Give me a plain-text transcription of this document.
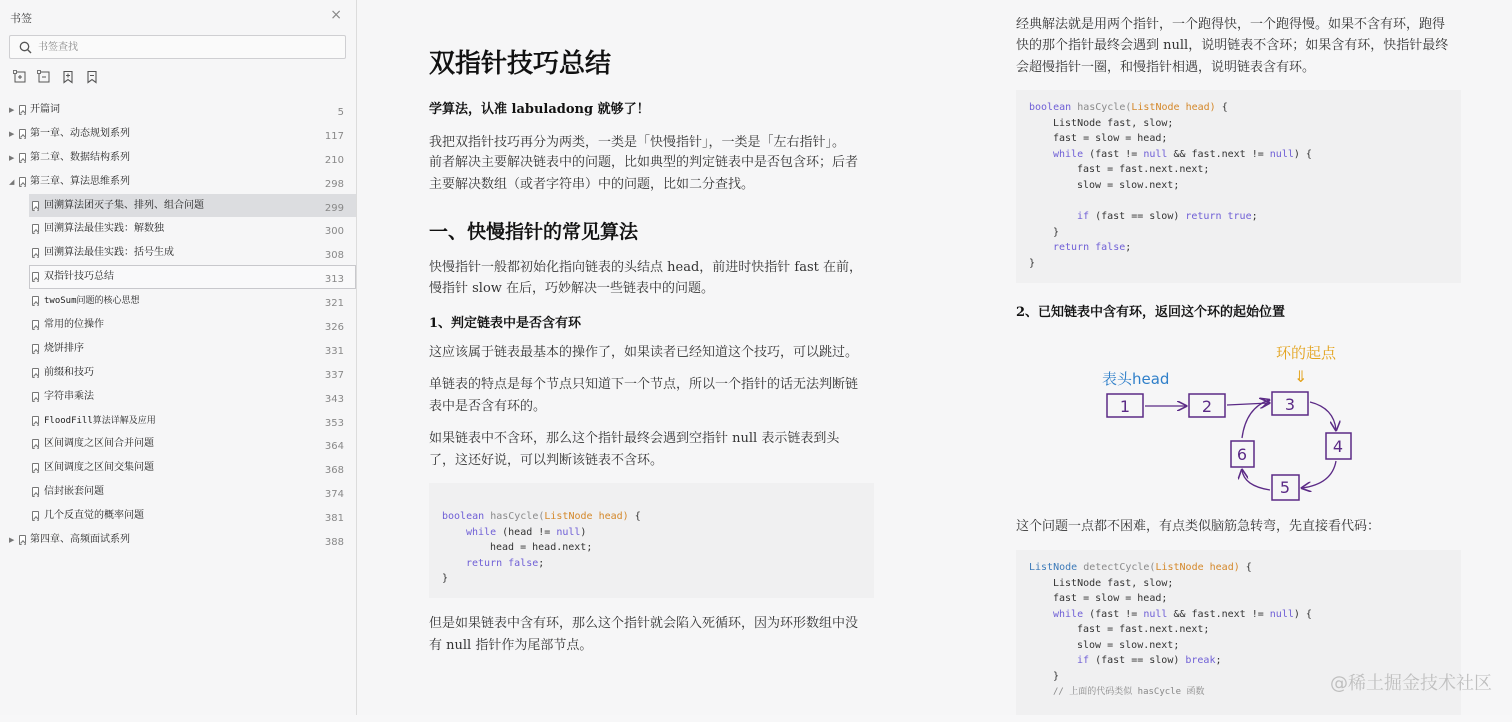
书签	×
书签查找
▶ 开篇词	5
▶ 第一章、动态规划系列	117
▶ 第二章、数据结构系列	210
◢ 第三章、算法思维系列	298
回溯算法团灭子集、排列、组合问题	299
回溯算法最佳实践：解数独	300
回溯算法最佳实践：括号生成	308
双指针技巧总结	313
twoSum问题的核心思想	321
常用的位操作	326
烧饼排序	331
前缀和技巧	337
字符串乘法	343
FloodFill算法详解及应用	353
区间调度之区间合并问题	364
区间调度之区间交集问题	368
信封嵌套问题	374
几个反直觉的概率问题	381
▶ 第四章、高频面试系列	388
双指针技巧总结
学算法，认准 labuladong 就够了！
我把双指针技巧再分为两类，一类是「快慢指针」，一类是「左右指针」。
前者解决主要解决链表中的问题，比如典型的判定链表中是否包含环；后者
主要解决数组（或者字符串）中的问题，比如二分查找。
一、快慢指针的常见算法
快慢指针一般都初始化指向链表的头结点 head，前进时快指针 fast 在前，
慢指针 slow 在后，巧妙解决一些链表中的问题。
1、判定链表中是否含有环
这应该属于链表最基本的操作了，如果读者已经知道这个技巧，可以跳过。
单链表的特点是每个节点只知道下一个节点，所以一个指针的话无法判断链
表中是否含有环的。
如果链表中不含环，那么这个指针最终会遇到空指针 null 表示链表到头
了，这还好说，可以判断该链表不含环。

boolean hasCycle(ListNode head) {

while (head != null)

head = head.next;

return false;

}

但是如果链表中含有环，那么这个指针就会陷入死循环，因为环形数组中没
有 null 指针作为尾部节点。
经典解法就是用两个指针，一个跑得快，一个跑得慢。如果不含有环，跑得
快的那个指针最终会遇到 null，说明链表不含环；如果含有环，快指针最终
会超慢指针一圈，和慢指针相遇，说明链表含有环。

boolean hasCycle(ListNode head) {

ListNode fast, slow;

fast = slow = head;

while (fast != null && fast.next != null) {

fast = fast.next.next;

slow = slow.next;

if (fast == slow) return true;

}

return false;

}

2、已知链表中含有环，返回这个环的起始位置
表头head
环的起点
⇓
1	2	3
4
5
6
这个问题一点都不困难，有点类似脑筋急转弯，先直接看代码：

ListNode detectCycle(ListNode head) {

ListNode fast, slow;

fast = slow = head;

while (fast != null && fast.next != null) {

fast = fast.next.next;

slow = slow.next;

if (fast == slow) break;

}

// 上面的代码类似 hasCycle 函数

	@稀土掘金技术社区
